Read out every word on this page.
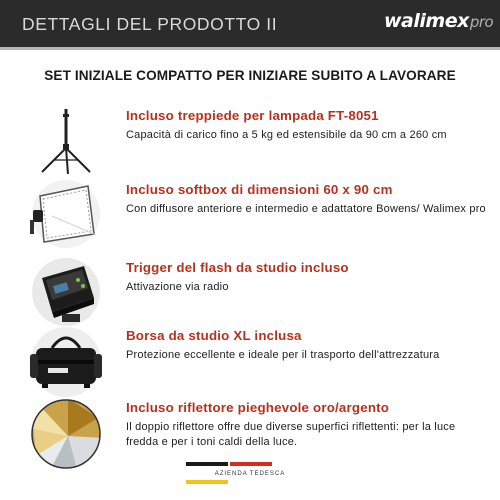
DETTAGLI DEL PRODOTTO II	walimexpro
SET INIZIALE COMPATTO PER INIZIARE SUBITO A LAVORARE
Incluso treppiede per lampada FT-8051
Capacità di carico fino a 5 kg ed estensibile da 90 cm a 260 cm
Incluso softbox di dimensioni 60 x 90 cm
Con diffusore anteriore e intermedio e adattatore Bowens/ Walimex pro
Trigger del flash da studio incluso
Attivazione via radio
Borsa da studio XL inclusa
Protezione eccellente e ideale per il trasporto dell'attrezzatura
Incluso riflettore pieghevole oro/argento
Il doppio riflettore offre due diverse superfici riflettenti: per la luce fredda e per i toni caldi della luce.
AZIENDA TEDESCA
